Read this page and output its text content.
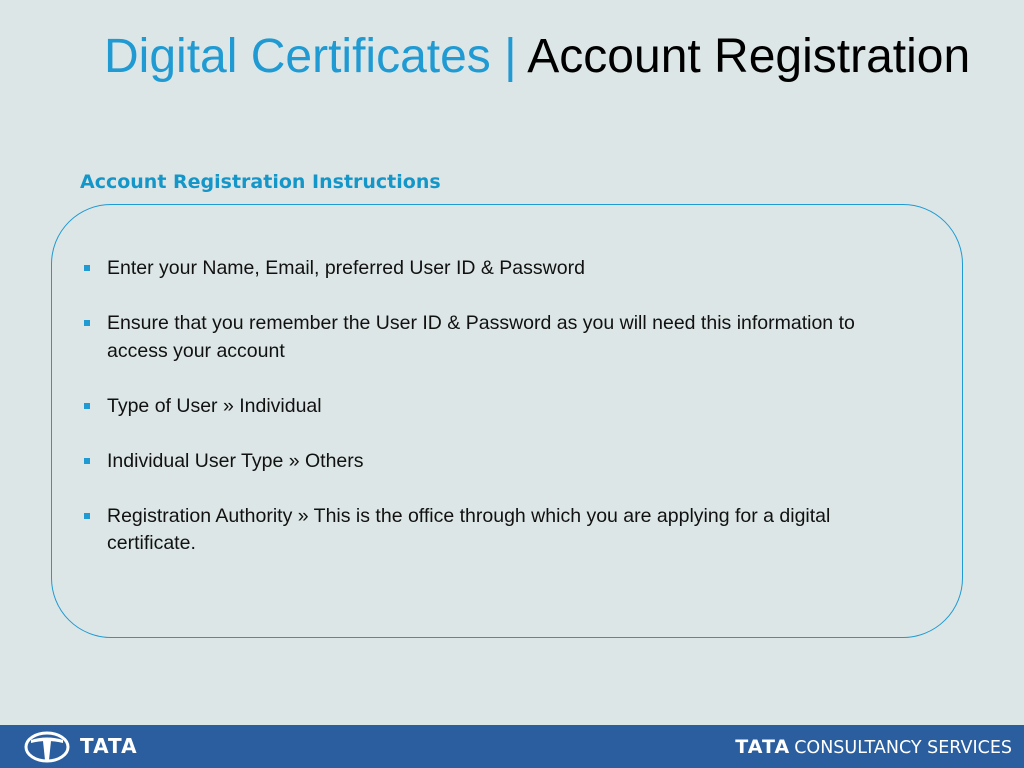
Digital Certificates | Account Registration
Account Registration Instructions
Enter your Name, Email, preferred User ID & Password
Ensure that you remember the User ID & Password as you will need this information to access your account
Type of User » Individual
Individual User Type » Others
Registration Authority » This is the office through which you are applying for a digital certificate.
TATA	TATA CONSULTANCY SERVICES
